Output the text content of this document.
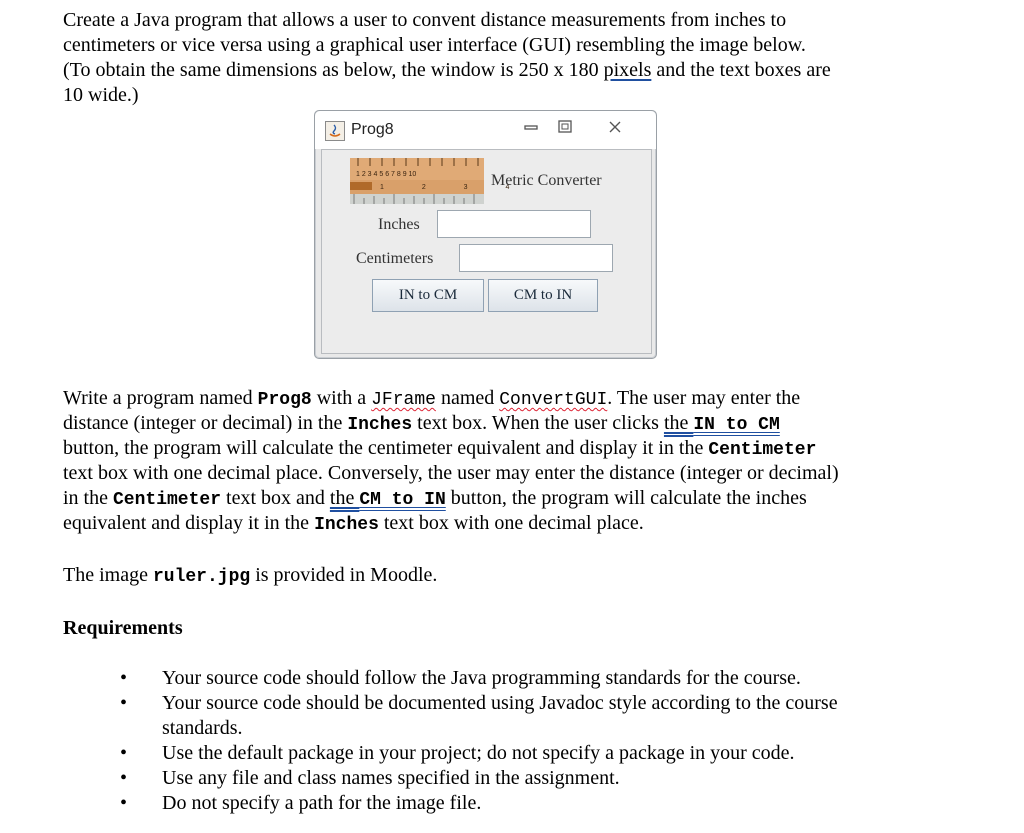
Create a Java program that allows a user to convent distance measurements from inches to
centimeters or vice versa using a graphical user interface (GUI) resembling the image below.
(To obtain the same dimensions as below, the window is 250 x 180 pixels and the text boxes are
10 wide.)
Prog8
1 2 3 4 5 6 7 8 9 10
1 2 3 4
Metric Converter
Inches
Centimeters
IN to CM	CM to IN
Write a program named Prog8 with a JFrame named ConvertGUI. The user may enter the
distance (integer or decimal) in the Inches text box. When the user clicks the IN to CM
button, the program will calculate the centimeter equivalent and display it in the Centimeter
text box with one decimal place. Conversely, the user may enter the distance (integer or decimal)
in the Centimeter text box and the CM to IN button, the program will calculate the inches
equivalent and display it in the Inches text box with one decimal place.
The image ruler.jpg is provided in Moodle.
Requirements
• Your source code should follow the Java programming standards for the course.
• Your source code should be documented using Javadoc style according to the course standards.
• Use the default package in your project; do not specify a package in your code.
• Use any file and class names specified in the assignment.
• Do not specify a path for the image file.
